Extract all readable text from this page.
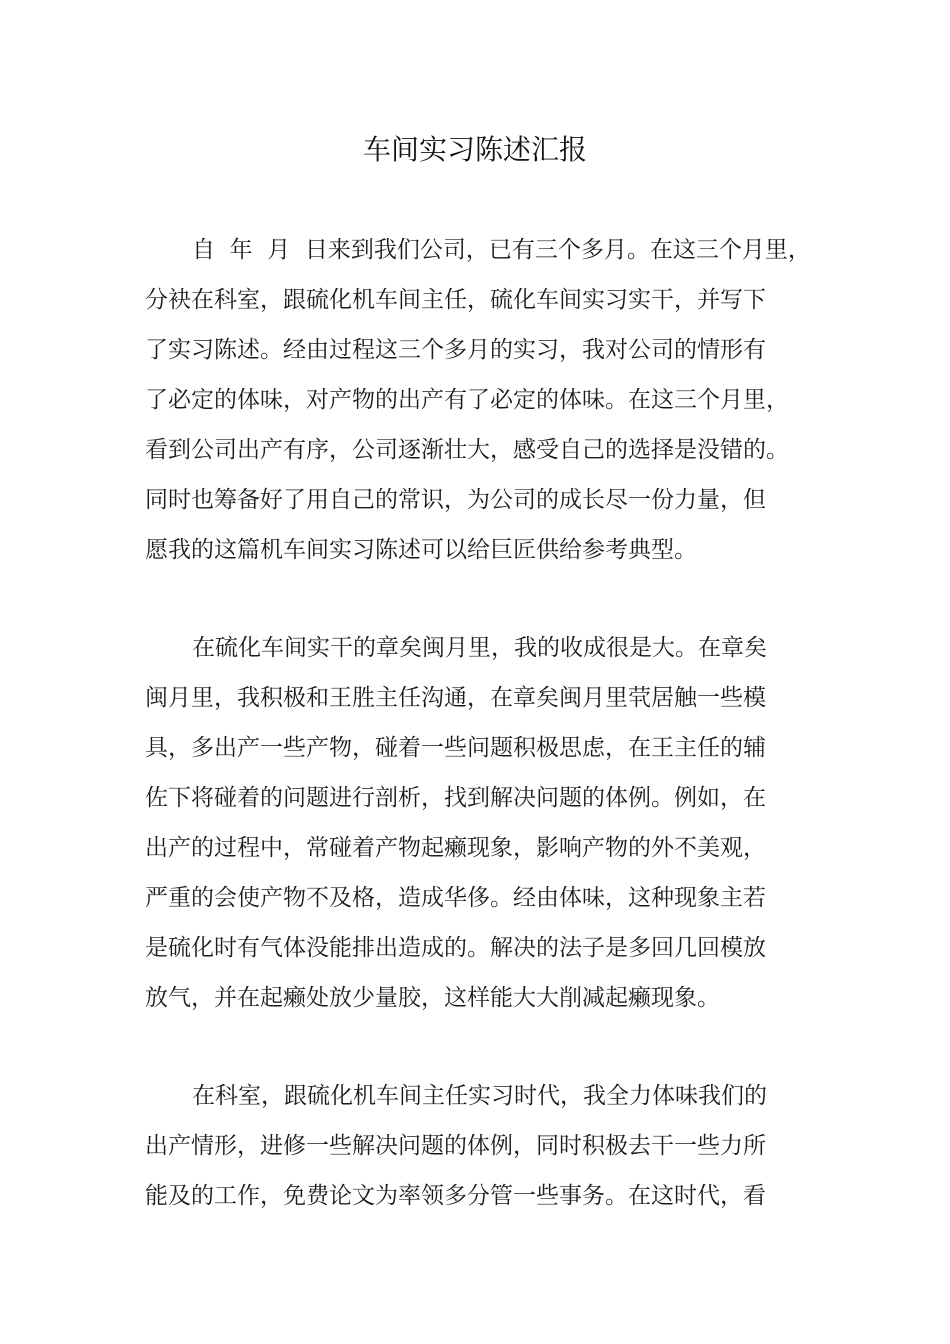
车间实习陈述汇报
自  年  月  日来到我们公司，已有三个多月。在这三个月里，
分袂在科室，跟硫化机车间主任，硫化车间实习实干，并写下
了实习陈述。经由过程这三个多月的实习，我对公司的情形有
了必定的体味，对产物的出产有了必定的体味。在这三个月里，
看到公司出产有序，公司逐渐壮大，感受自己的选择是没错的。
同时也筹备好了用自己的常识，为公司的成长尽一份力量，但
愿我的这篇机车间实习陈述可以给巨匠供给参考典型。
在硫化车间实干的章矣闽月里，我的收成很是大。在章矣
闽月里，我积极和王胜主任沟通，在章矣闽月里茕居触一些模
具，多出产一些产物，碰着一些问题积极思虑，在王主任的辅
佐下将碰着的问题进行剖析，找到解决问题的体例。例如，在
出产的过程中，常碰着产物起癞现象，影响产物的外不美观，
严重的会使产物不及格，造成华侈。经由体味，这种现象主若
是硫化时有气体没能排出造成的。解决的法子是多回几回模放
放气，并在起癞处放少量胶，这样能大大削减起癞现象。
在科室，跟硫化机车间主任实习时代，我全力体味我们的
出产情形，进修一些解决问题的体例，同时积极去干一些力所
能及的工作，免费论文为率领多分管一些事务。在这时代，看
